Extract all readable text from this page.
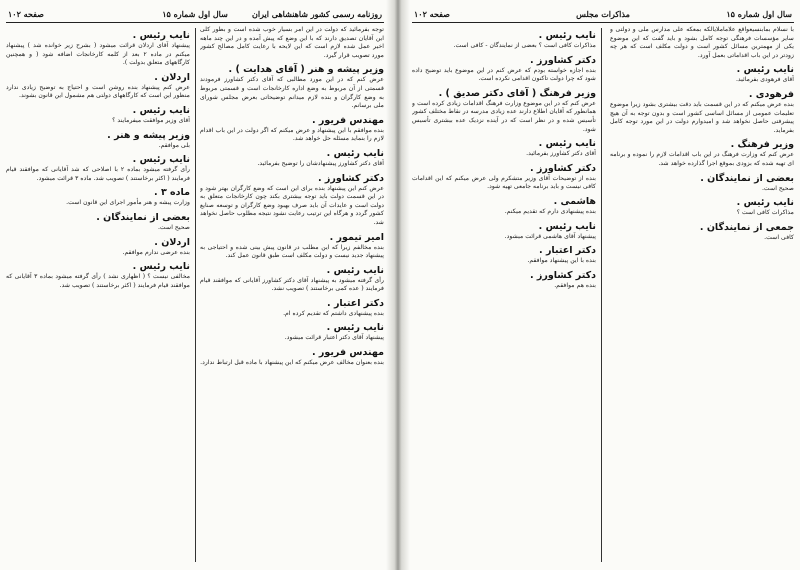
روزنامه رسمی کشور شاهنشاهی ایران
سال اول شماره ۱۵
صفحه ۱۰۲
توجه بفرمائید که دولت در این امر بسیار خوب شده است و بطور کلی این آقایان تصدیق دارند که با این وضع که پیش آمده و در این چند ماهه اخیر عمل شده لازم است که این لایحه با رعایت کامل مصالح کشور مورد تصویب قرار گیرد.
وزیر پیشه و هنر ( آقای هدایت ) .
عرض کنم که در این مورد مطالبی که آقای دکتر کشاورز فرمودند قسمتی از آن مربوط به وضع اداره کارخانجات است و قسمتی مربوط به وضع کارگران و بنده لازم میدانم توضیحاتی بعرض مجلس شورای ملی برسانم.
مهندس فریور .
بنده موافقم با این پیشنهاد و عرض میکنم که اگر دولت در این باب اقدام لازم را بنماید مسئله حل خواهد شد.
نایب رئیس .
آقای دکتر کشاورز پیشنهادشان را توضیح بفرمائید.
دکتر کشاورز .
عرض کنم این پیشنهاد بنده برای این است که وضع کارگران بهتر شود و در این قسمت دولت باید توجه بیشتری بکند چون کارخانجات متعلق به دولت است و عایدات آن باید صرف بهبود وضع کارگران و توسعه صنایع کشور گردد و هرگاه این ترتیب رعایت نشود نتیجه مطلوب حاصل نخواهد شد.
امیر تیمور .
بنده مخالفم زیرا که این مطلب در قانون پیش بینی شده و احتیاجی به پیشنهاد جدید نیست و دولت مکلف است طبق قانون عمل کند.
نایب رئیس .
رأی گرفته میشود به پیشنهاد آقای دکتر کشاورز آقایانی که موافقند قیام فرمایند ( عده کمی برخاستند ) تصویب نشد.
دکتر اعتبار .
بنده پیشنهادی داشتم که تقدیم کرده ام.
نایب رئیس .
پیشنهاد آقای دکتر اعتبار قرائت میشود.
مهندس فریور .
بنده بعنوان مخالف عرض میکنم که این پیشنهاد با ماده قبل ارتباط ندارد.
نایب رئیس .
پیشنهاد آقای اردلان قرائت میشود ( بشرح زیر خوانده شد ) پیشنهاد میکنم در ماده ۲ بعد از کلمه کارخانجات اضافه شود ( و همچنین کارگاههای متعلق بدولت ).
اردلان .
عرض کنم پیشنهاد بنده روشن است و احتیاج به توضیح زیادی ندارد منظور این است که کارگاههای دولتی هم مشمول این قانون بشوند.
نایب رئیس .
آقای وزیر موافقت میفرمایند ؟
وزیر پیشه و هنر .
بلی موافقم.
نایب رئیس .
رأی گرفته میشود بماده ۲ با اصلاحی که شد آقایانی که موافقند قیام فرمایند ( اکثر برخاستند ) تصویب شد. ماده ۳ قرائت میشود.
ماده ۳ .
وزارت پیشه و هنر مأمور اجرای این قانون است.
بعضی از نمایندگان .
صحیح است.
اردلان .
بنده عرضی ندارم موافقم.
نایب رئیس .
مخالفی نیست ؟ ( اظهاری نشد ) رأی گرفته میشود بماده ۳ آقایانی که موافقند قیام فرمایند ( اکثر برخاستند ) تصویب شد.
سال اول شماره ۱۵
مذاکرات مجلس
صفحه ۱۰۲
با نسلام بمابنسیعواقع علاماملایالکه بمعکه علی مدارس ملی و دولتی و سایر مؤسسات فرهنگی توجه کامل بشود و باید گفت که این موضوع یکی از مهمترین مسائل کشور است و دولت مکلف است که هر چه زودتر در این باب اقداماتی بعمل آورد.
نایب رئیس .
آقای فرهودی بفرمائید.
فرهودی .
بنده عرض میکنم که در این قسمت باید دقت بیشتری بشود زیرا موضوع تعلیمات عمومی از مسائل اساسی کشور است و بدون توجه به آن هیچ پیشرفتی حاصل نخواهد شد و امیدوارم دولت در این مورد توجه کامل بفرماید.
وزیر فرهنگ .
عرض کنم که وزارت فرهنگ در این باب اقدامات لازم را نموده و برنامه ای تهیه شده که بزودی بموقع اجرا گذارده خواهد شد.
بعضی از نمایندگان .
صحیح است.
نایب رئیس .
مذاکرات کافی است ؟
جمعی از نمایندگان .
کافی است.
نایب رئیس .
مذاکرات کافی است ؟ بعضی از نمایندگان - کافی است.
دکتر کشاورز .
بنده اجازه خواسته بودم که عرض کنم در این موضوع باید توضیح داده شود که چرا دولت تاکنون اقدامی نکرده است.
وزیر فرهنگ ( آقای دکتر صدیق ) .
عرض کنم که در این موضوع وزارت فرهنگ اقدامات زیادی کرده است و همانطور که آقایان اطلاع دارند عده زیادی مدرسه در نقاط مختلف کشور تأسیس شده و در نظر است که در آینده نزدیک عده بیشتری تأسیس شود.
نایب رئیس .
آقای دکتر کشاورز بفرمائید.
دکتر کشاورز .
بنده از توضیحات آقای وزیر متشکرم ولی عرض میکنم که این اقدامات کافی نیست و باید برنامه جامعی تهیه شود.
هاشمی .
بنده پیشنهادی دارم که تقدیم میکنم.
نایب رئیس .
پیشنهاد آقای هاشمی قرائت میشود.
دکتر اعتبار .
بنده با این پیشنهاد موافقم.
دکتر کشاورز .
بنده هم موافقم.
